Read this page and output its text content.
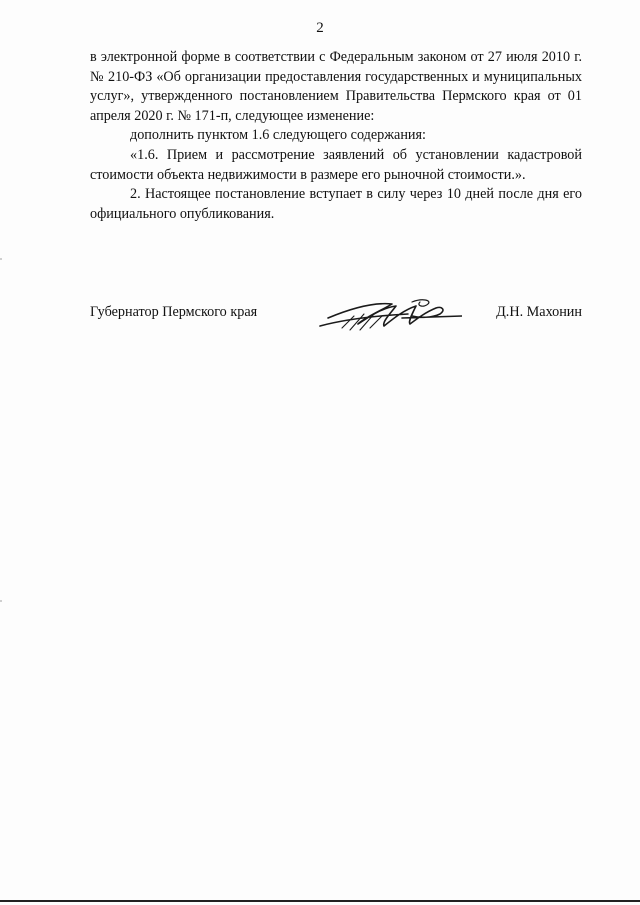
2

в электронной форме в соответствии с Федеральным законом от 27 июля 2010 г. № 210-ФЗ «Об организации предоставления государственных и муниципальных услуг», утвержденного постановлением Правительства Пермского края от 01 апреля 2020 г. № 171-п, следующее изменение:

дополнить пунктом 1.6 следующего содержания:

«1.6. Прием и рассмотрение заявлений об установлении кадастровой стоимости объекта недвижимости в размере его рыночной стоимости.».

2. Настоящее постановление вступает в силу через 10 дней после дня его официального опубликования.

Губернатор Пермского края	Д.Н. Махонин
